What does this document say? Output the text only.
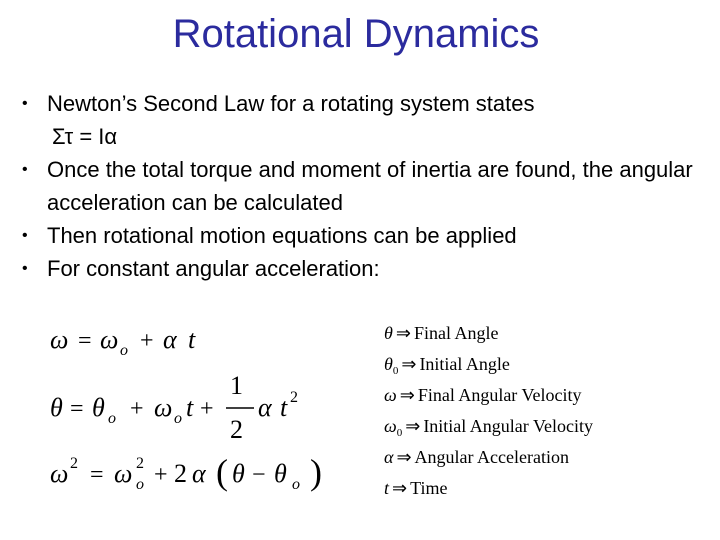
Rotational Dynamics
• Newton’s Second Law for a rotating system states
Στ = Iα
• Once the total torque and moment of inertia are found, the angular acceleration can be calculated
• Then rotational motion equations can be applied
• For constant angular acceleration:
ω = ω o + α t
θ = θ o + ω o t +
1
2
α t 2
ω 2 = ω 2
o + 2 α ( θ − θ o )
θ ⇒ Final Angle
$\theta_0$ ⇒ Initial Angle
ω ⇒ Final Angular Velocity
$\omega_0$ ⇒ Initial Angular Velocity
α ⇒ Angular Acceleration
t ⇒ Time
